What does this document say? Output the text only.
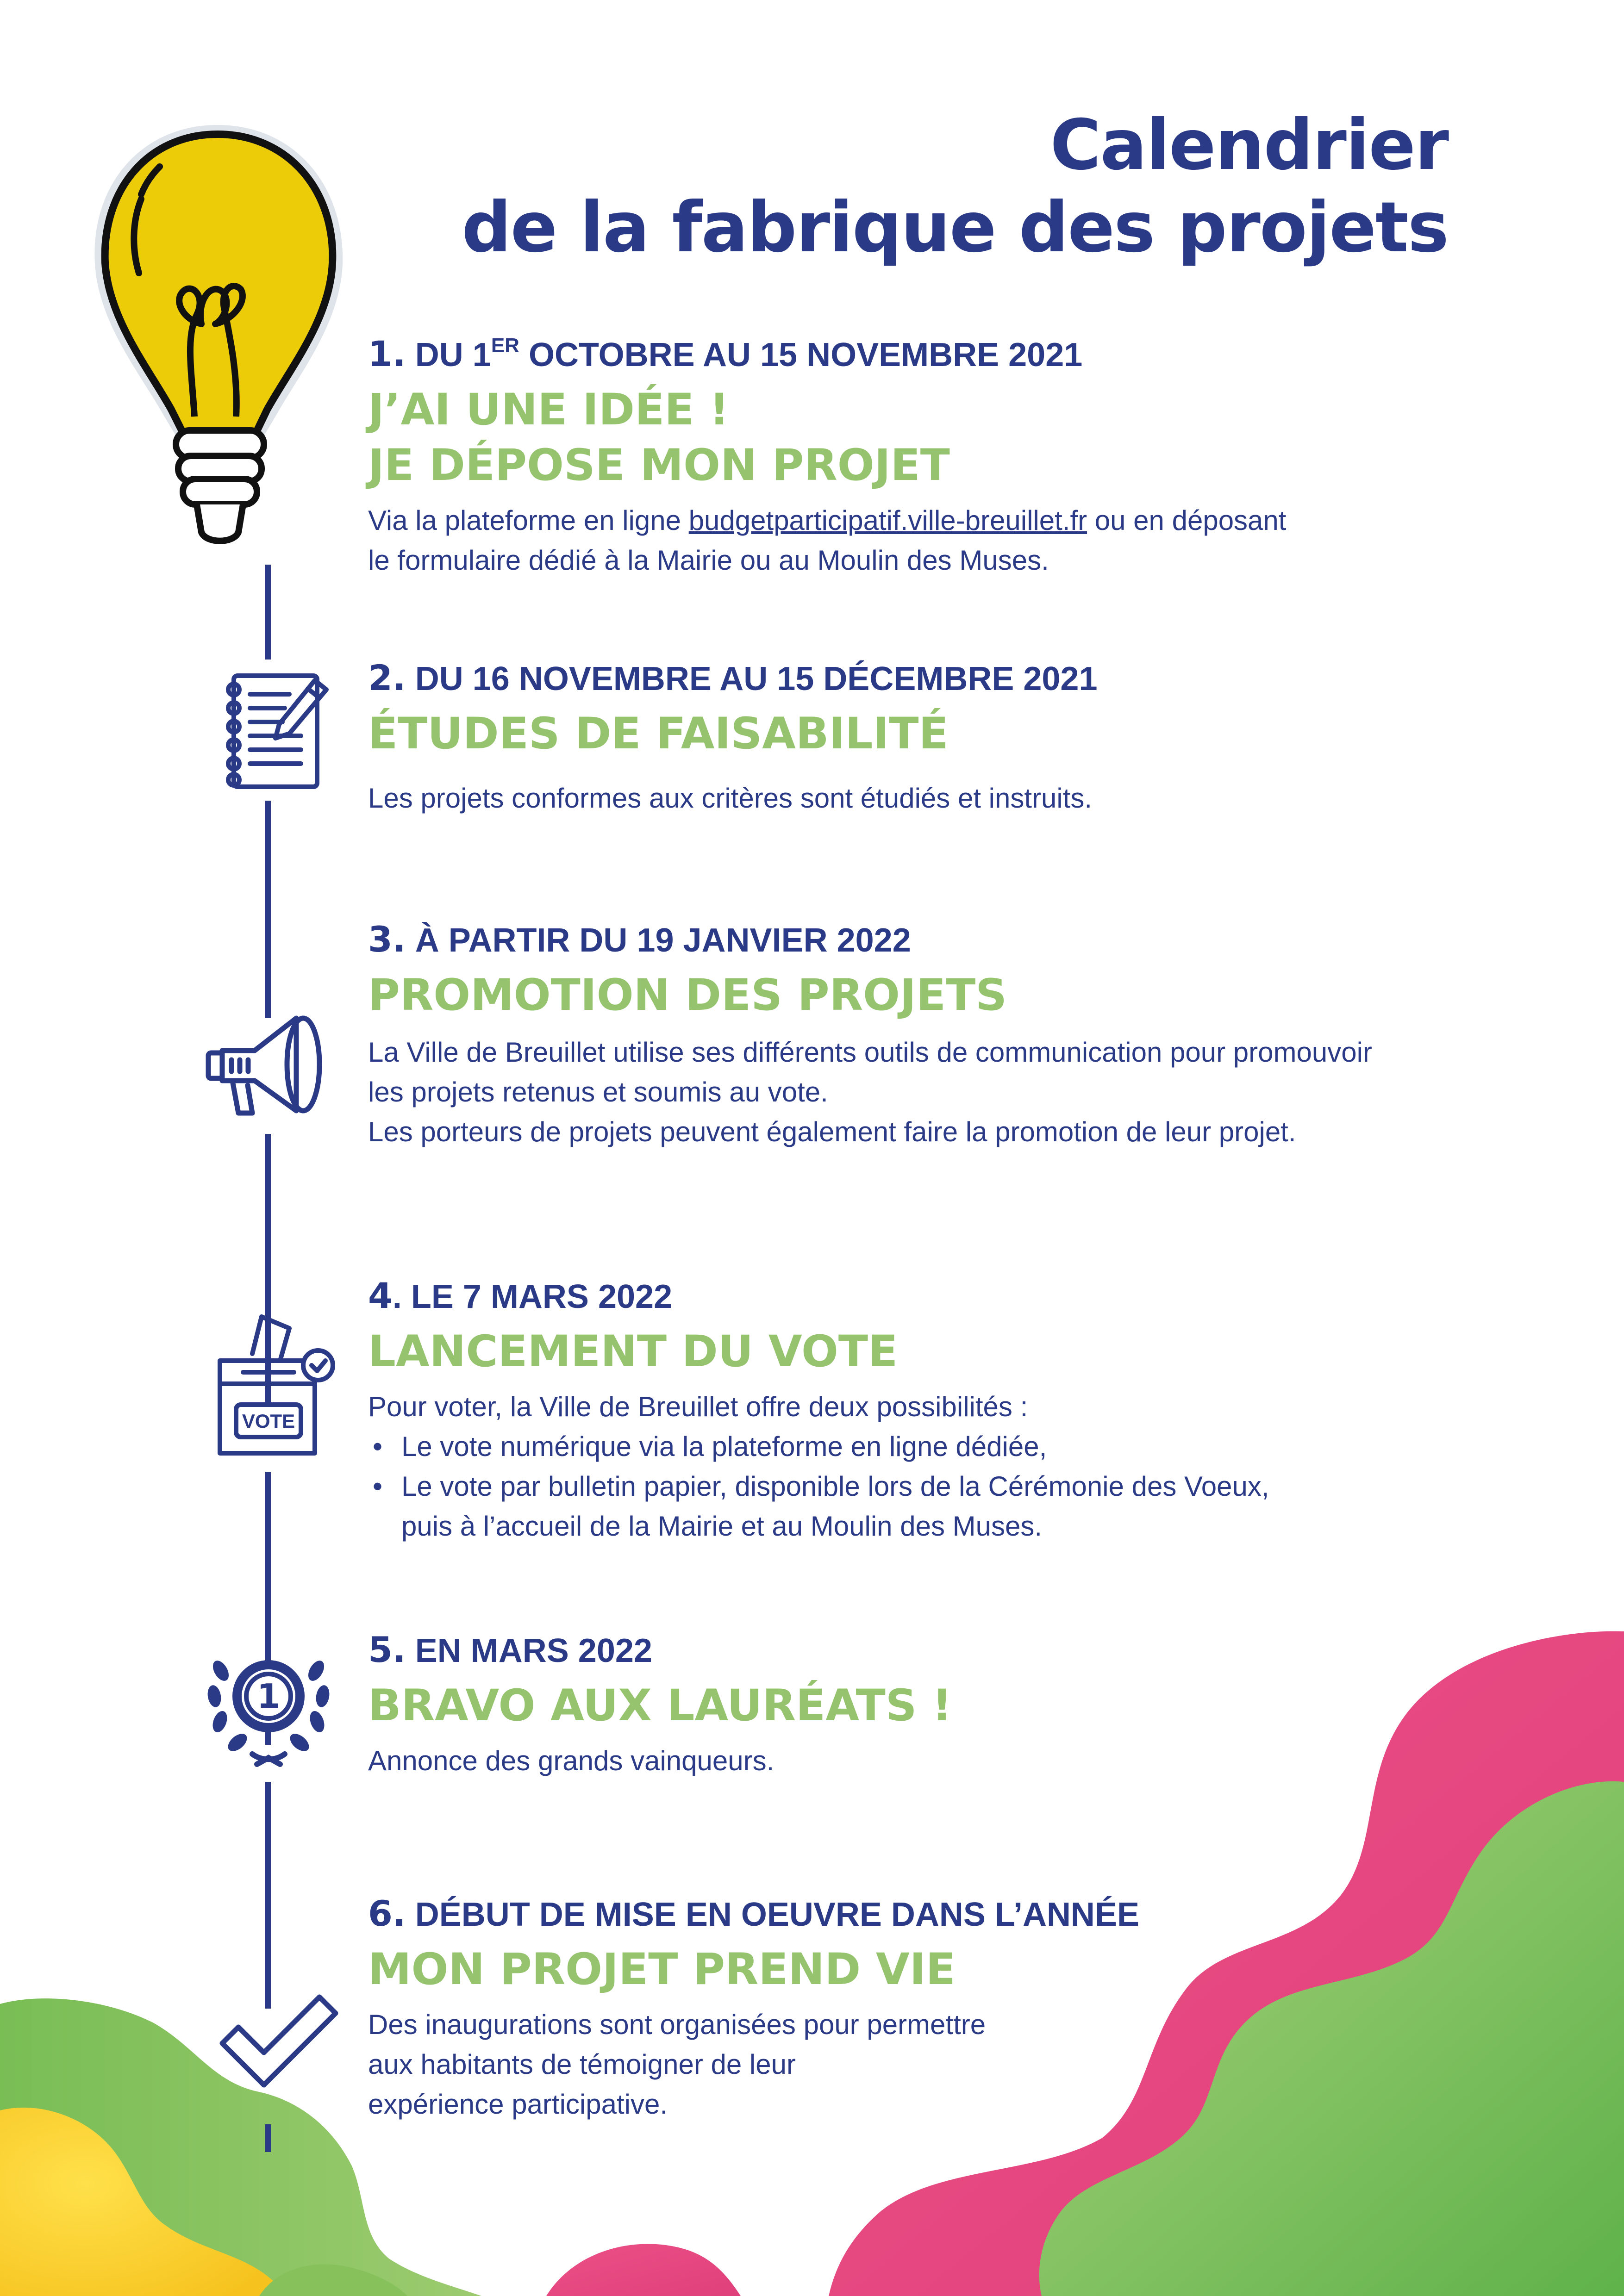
Calendrier
de la fabrique des projets
VOTE
1
1. DU 1ER OCTOBRE AU 15 NOVEMBRE 2021
J’AI UNE IDÉE !
JE DÉPOSE MON PROJET
Via la plateforme en ligne budgetparticipatif.ville-breuillet.fr ou en déposant
le formulaire dédié à la Mairie ou au Moulin des Muses.
2. DU 16 NOVEMBRE AU 15 DÉCEMBRE 2021
ÉTUDES DE FAISABILITÉ
Les projets conformes aux critères sont étudiés et instruits.
3. À PARTIR DU 19 JANVIER 2022
PROMOTION DES PROJETS
La Ville de Breuillet utilise ses différents outils de communication pour promouvoir
les projets retenus et soumis au vote.
Les porteurs de projets peuvent également faire la promotion de leur projet.
4. LE 7 MARS 2022
LANCEMENT DU VOTE
Pour voter, la Ville de Breuillet offre deux possibilités :
• Le vote numérique via la plateforme en ligne dédiée,
• Le vote par bulletin papier, disponible lors de la Cérémonie des Voeux,
puis à l’accueil de la Mairie et au Moulin des Muses.
5. EN MARS 2022
BRAVO AUX LAURÉATS !
Annonce des grands vainqueurs.
6. DÉBUT DE MISE EN OEUVRE DANS L’ANNÉE
MON PROJET PREND VIE
Des inaugurations sont organisées pour permettre
aux habitants de témoigner de leur
expérience participative.
